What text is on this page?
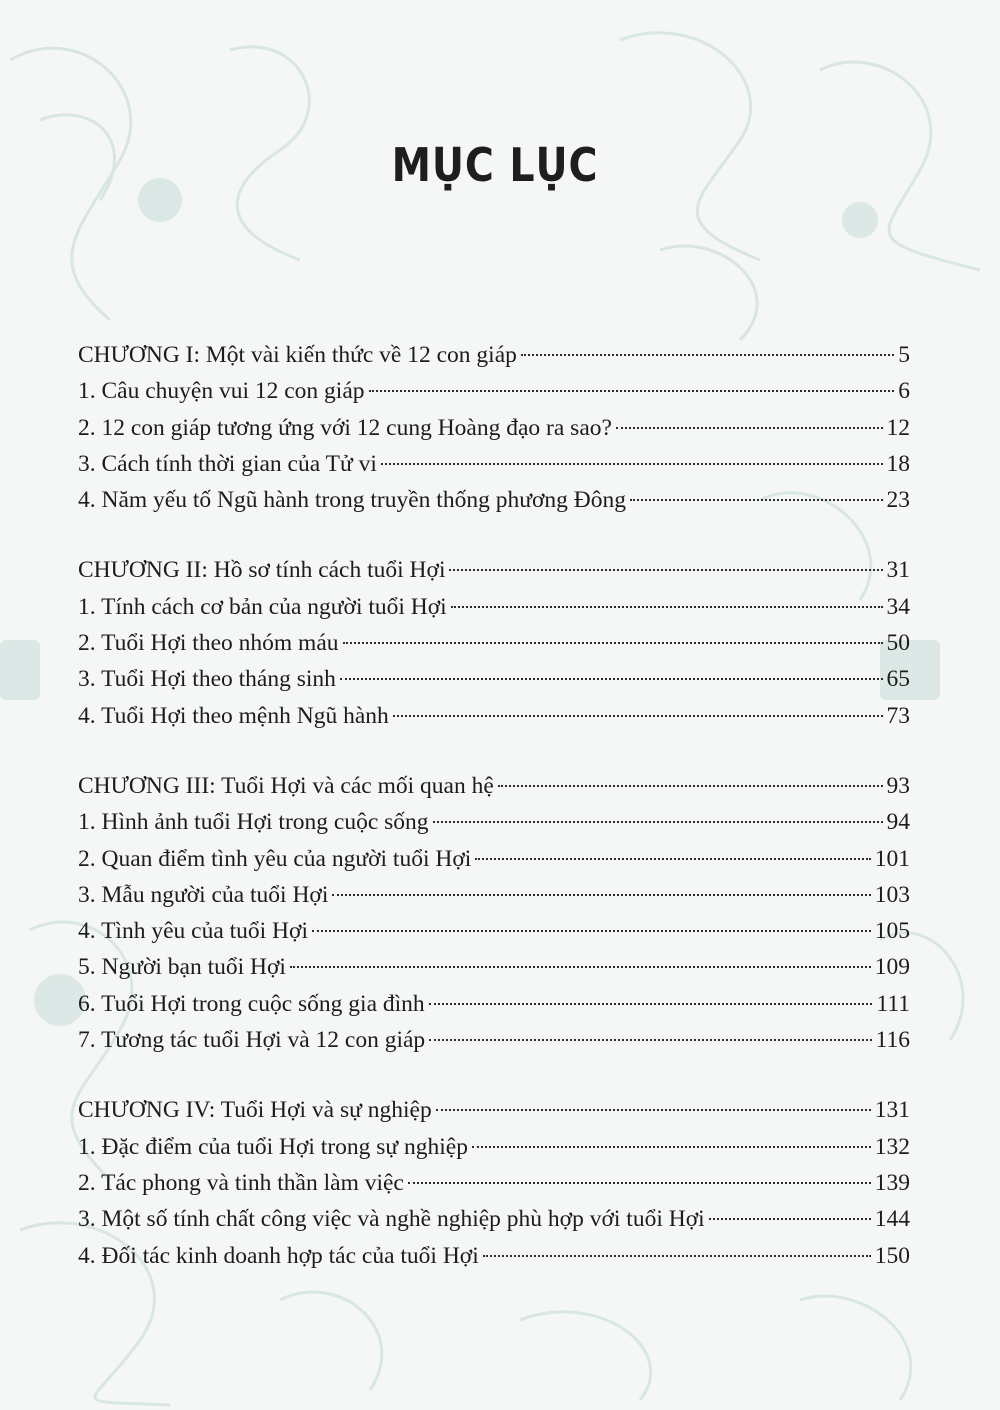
MỤC LỤC
CHƯƠNG I: Một vài kiến thức về 12 con giáp	5
1. Câu chuyện vui 12 con giáp	6
2. 12 con giáp tương ứng với 12 cung Hoàng đạo ra sao?	12
3. Cách tính thời gian của Tử vi	18
4. Năm yếu tố Ngũ hành trong truyền thống phương Đông	23
CHƯƠNG II: Hồ sơ tính cách tuổi Hợi	31
1. Tính cách cơ bản của người tuổi Hợi	34
2. Tuổi Hợi theo nhóm máu	50
3. Tuổi Hợi theo tháng sinh	65
4. Tuổi Hợi theo mệnh Ngũ hành	73
CHƯƠNG III: Tuổi Hợi và các mối quan hệ	93
1. Hình ảnh tuổi Hợi trong cuộc sống	94
2. Quan điểm tình yêu của người tuổi Hợi	101
3. Mẫu người của tuổi Hợi	103
4. Tình yêu của tuổi Hợi	105
5. Người bạn tuổi Hợi	109
6. Tuổi Hợi trong cuộc sống gia đình	111
7. Tương tác tuổi Hợi và 12 con giáp	116
CHƯƠNG IV: Tuổi Hợi và sự nghiệp	131
1. Đặc điểm của tuổi Hợi trong sự nghiệp	132
2. Tác phong và tinh thần làm việc	139
3. Một số tính chất công việc và nghề nghiệp phù hợp với tuổi Hợi	144
4. Đối tác kinh doanh hợp tác của tuổi Hợi	150
